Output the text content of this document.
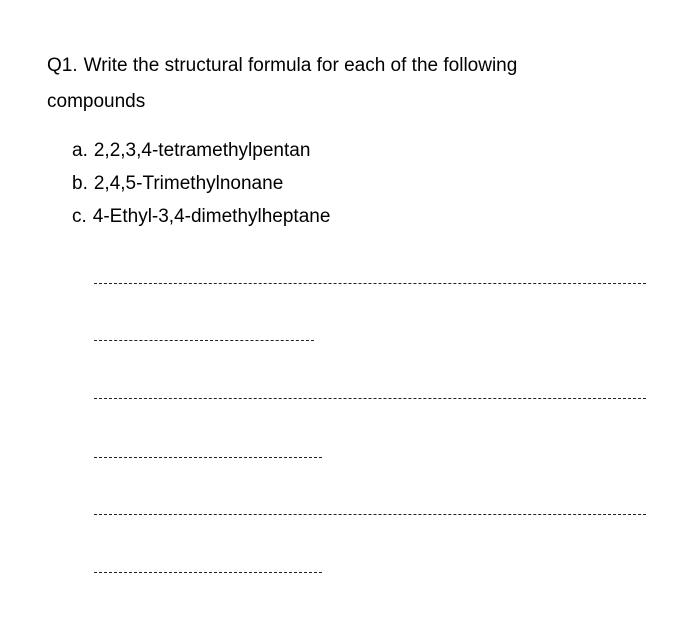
Q1. Write the structural formula for each of the following compounds
a. 2,2,3,4-tetramethylpentan
b. 2,4,5-Trimethylnonane
c. 4-Ethyl-3,4-dimethylheptane
